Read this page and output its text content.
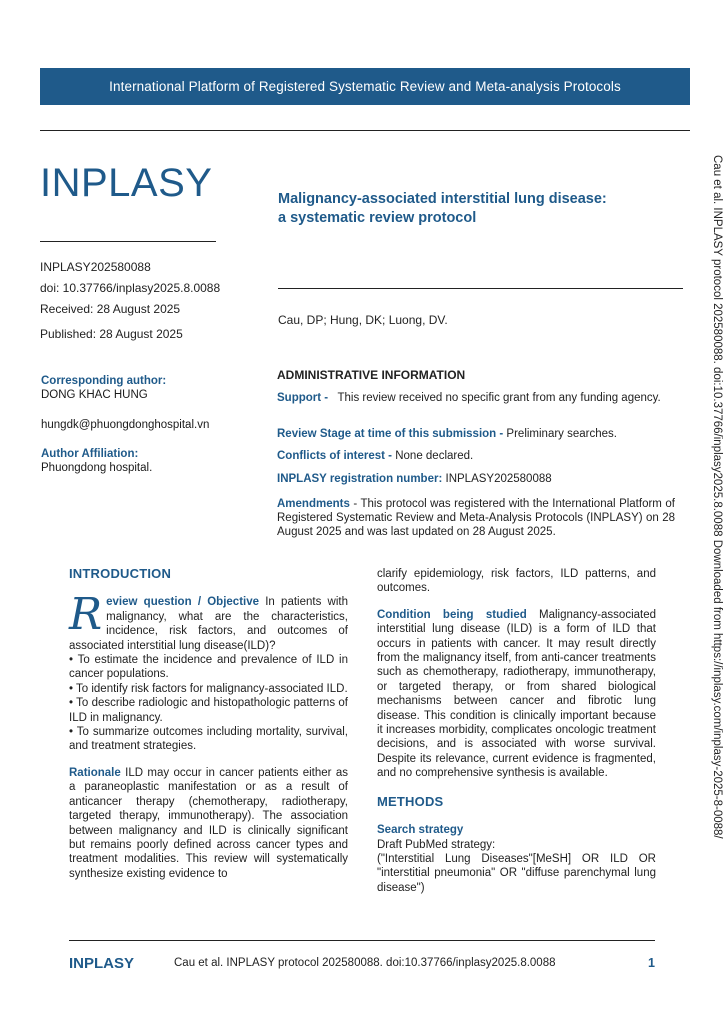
International Platform of Registered Systematic Review and Meta-analysis Protocols
INPLASY
INPLASY202580088
doi: 10.37766/inplasy2025.8.0088
Received: 28 August 2025
Published: 28 August 2025
Malignancy-associated interstitial lung disease:
a systematic review protocol
Cau, DP; Hung, DK; Luong, DV.
Corresponding author:
DONG KHAC HUNG
hungdk@phuongdonghospital.vn
Author Affiliation:
Phuongdong hospital.
ADMINISTRATIVE INFORMATION
Support - This review received no specific grant from any funding agency.
Review Stage at time of this submission - Preliminary searches.
Conflicts of interest - None declared.
INPLASY registration number: INPLASY202580088
Amendments - This protocol was registered with the International Platform of Registered Systematic Review and Meta-Analysis Protocols (INPLASY) on 28 August 2025 and was last updated on 28 August 2025.
INTRODUCTION
R eview question / Objective In patients with malignancy, what are the characteristics, incidence, risk factors, and outcomes of associated interstitial lung disease(ILD)?
• To estimate the incidence and prevalence of ILD in cancer populations.
• To identify risk factors for malignancy-associated ILD.
• To describe radiologic and histopathologic patterns of ILD in malignancy.
• To summarize outcomes including mortality, survival, and treatment strategies.
Rationale ILD may occur in cancer patients either as a paraneoplastic manifestation or as a result of anticancer therapy (chemotherapy, radiotherapy, targeted therapy, immunotherapy). The association between malignancy and ILD is clinically significant but remains poorly defined across cancer types and treatment modalities. This review will systematically synthesize existing evidence to
clarify epidemiology, risk factors, ILD patterns, and outcomes.
Condition being studied Malignancy-associated interstitial lung disease (ILD) is a form of ILD that occurs in patients with cancer. It may result directly from the malignancy itself, from anti-cancer treatments such as chemotherapy, radiotherapy, immunotherapy, or targeted therapy, or from shared biological mechanisms between cancer and fibrotic lung disease. This condition is clinically important because it increases morbidity, complicates oncologic treatment decisions, and is associated with worse survival. Despite its relevance, current evidence is fragmented, and no comprehensive synthesis is available.
METHODS
Search strategy
Draft PubMed strategy:
("Interstitial Lung Diseases"[MeSH] OR ILD OR "interstitial pneumonia" OR "diffuse parenchymal lung disease")
Cau et al. INPLASY protocol 202580088. doi:10.37766/inplasy2025.8.0088 Downloaded from https://inplasy.com/inplasy-2025-8-0088/
INPLASY	Cau et al. INPLASY protocol 202580088. doi:10.37766/inplasy2025.8.0088	1
